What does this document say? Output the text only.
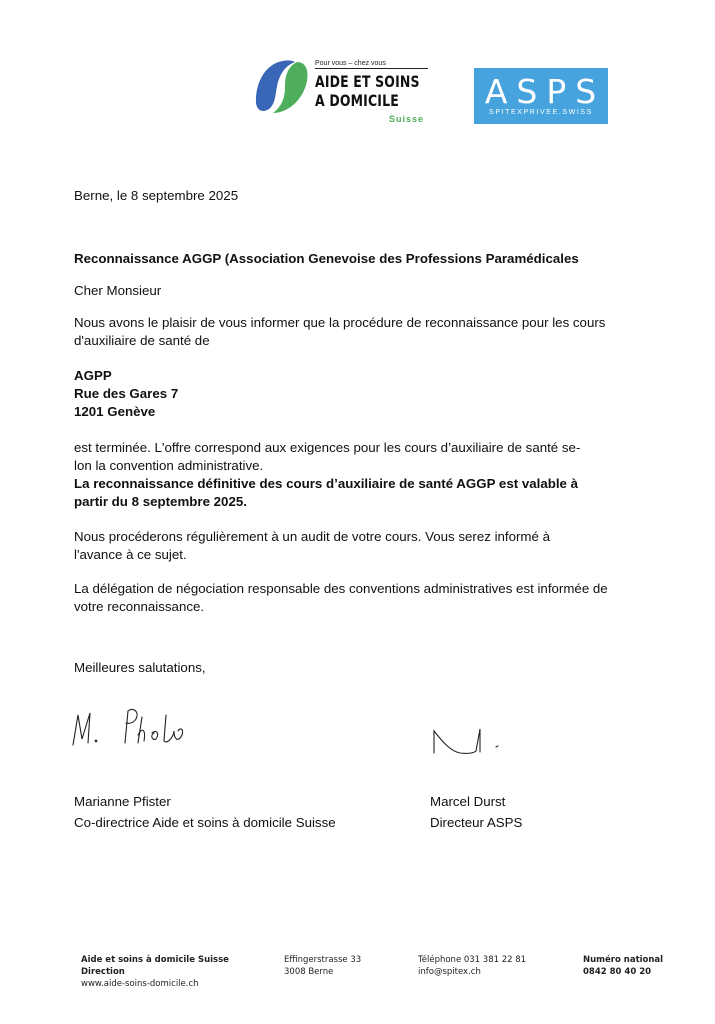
Pour vous – chez vous
AIDE ET SOINS
A DOMICILE
Suisse
ASPS
SPITEXPRIVEE.SWISS
Berne, le 8 septembre 2025
Reconnaissance AGGP (Association Genevoise des Professions Paramédicales
Cher Monsieur
Nous avons le plaisir de vous informer que la procédure de reconnaissance pour les cours
d'auxiliaire de santé de
AGPP
Rue des Gares 7
1201 Genève
est terminée. L'offre correspond aux exigences pour les cours d’auxiliaire de santé se-
lon la convention administrative.
La reconnaissance définitive des cours d’auxiliaire de santé AGGP est valable à
partir du 8 septembre 2025.
Nous procéderons régulièrement à un audit de votre cours. Vous serez informé à
l'avance à ce sujet.
La délégation de négociation responsable des conventions administratives est informée de
votre reconnaissance.
Meilleures salutations,
Marianne Pfister
Co-directrice Aide et soins à domicile Suisse
Marcel Durst
Directeur ASPS
Aide et soins à domicile Suisse
Direction
www.aide-soins-domicile.ch
Effingerstrasse 33
3008 Berne
Téléphone 031 381 22 81
info@spitex.ch
Numéro national
0842 80 40 20
